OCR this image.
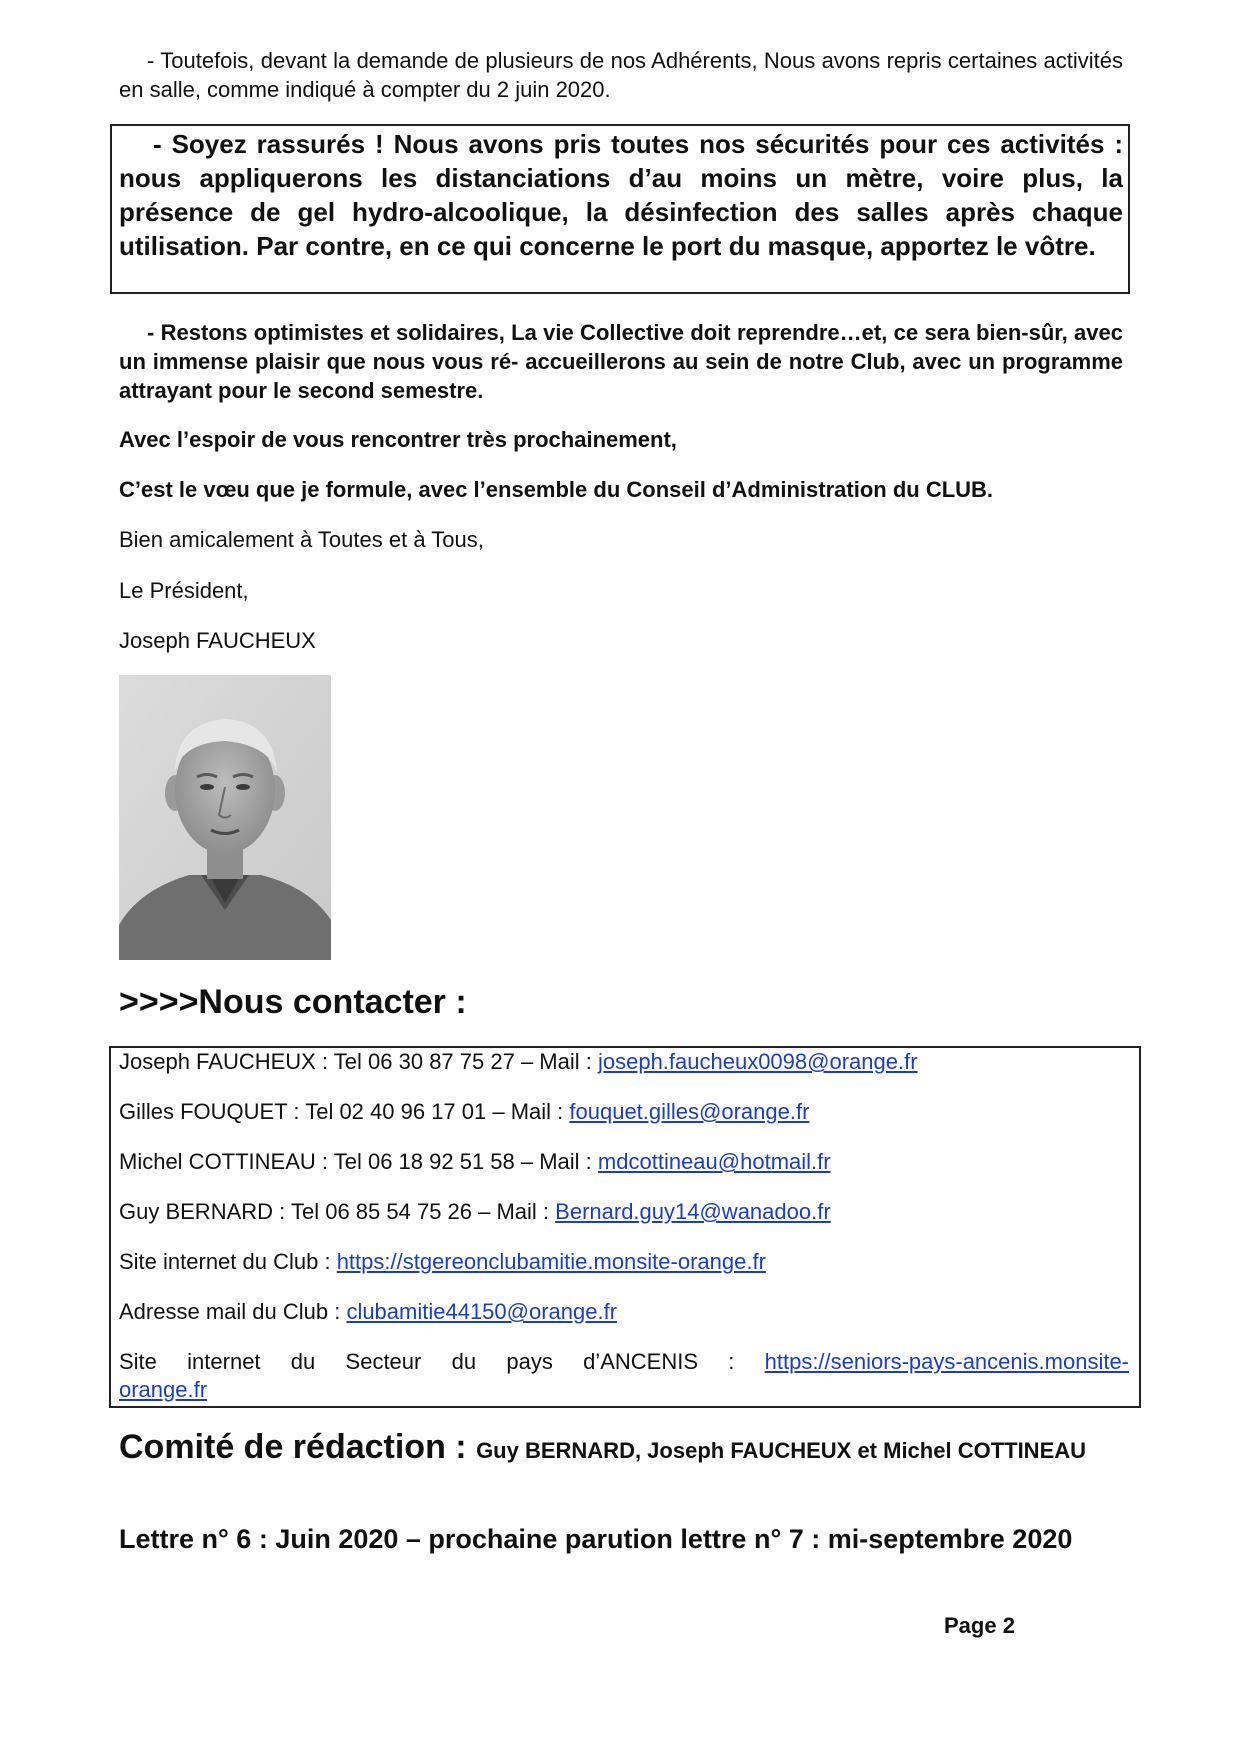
- Toutefois, devant la demande de plusieurs de nos Adhérents, Nous avons repris certaines activités en salle, comme indiqué à compter du 2 juin 2020.

- Soyez rassurés ! Nous avons pris toutes nos sécurités pour ces activités : nous appliquerons les distanciations d’au moins un mètre, voire plus, la présence de gel hydro-alcoolique, la désinfection des salles après chaque utilisation. Par contre, en ce qui concerne le port du masque, apportez le vôtre.

- Restons optimistes et solidaires, La vie Collective doit reprendre…et, ce sera bien-sûr, avec un immense plaisir que nous vous ré- accueillerons au sein de notre Club, avec un programme attrayant pour le second semestre.

Avec l’espoir de vous rencontrer très prochainement,

C’est le vœu que je formule, avec l’ensemble du Conseil d’Administration du CLUB.

Bien amicalement à Toutes et à Tous,

Le Président,

Joseph FAUCHEUX

>>>>Nous contacter :

Joseph FAUCHEUX : Tel 06 30 87 75 27 – Mail : joseph.faucheux0098@orange.fr

Gilles FOUQUET : Tel 02 40 96 17 01 – Mail : fouquet.gilles@orange.fr

Michel COTTINEAU : Tel 06 18 92 51 58 – Mail : mdcottineau@hotmail.fr

Guy BERNARD : Tel 06 85 54 75 26 – Mail : Bernard.guy14@wanadoo.fr

Site internet du Club : https://stgereonclubamitie.monsite-orange.fr

Adresse mail du Club : clubamitie44150@orange.fr

Site internet du Secteur du pays d’ANCENIS : https://seniors-pays-ancenis.monsite-

orange.fr

Comité de rédaction : Guy BERNARD, Joseph FAUCHEUX et Michel COTTINEAU

Lettre n° 6 : Juin 2020 – prochaine parution lettre n° 7 : mi-septembre 2020

Page 2
